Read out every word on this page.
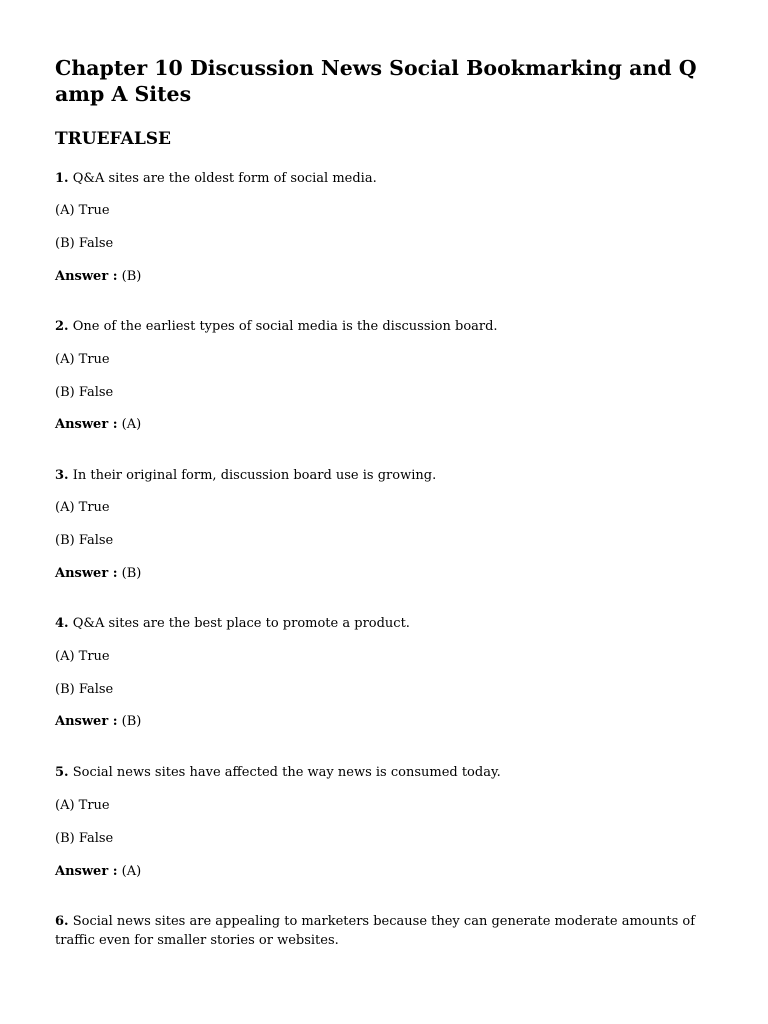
Chapter 10 Discussion News Social Bookmarking and Q amp A Sites
TRUEFALSE

1. Q&A sites are the oldest form of social media.

(A) True

(B) False

Answer : (B)

2. One of the earliest types of social media is the discussion board.

(A) True

(B) False

Answer : (A)

3. In their original form, discussion board use is growing.

(A) True

(B) False

Answer : (B)

4. Q&A sites are the best place to promote a product.

(A) True

(B) False

Answer : (B)

5. Social news sites have affected the way news is consumed today.

(A) True

(B) False

Answer : (A)

6. Social news sites are appealing to marketers because they can generate moderate amounts of traffic even for smaller stories or websites.
